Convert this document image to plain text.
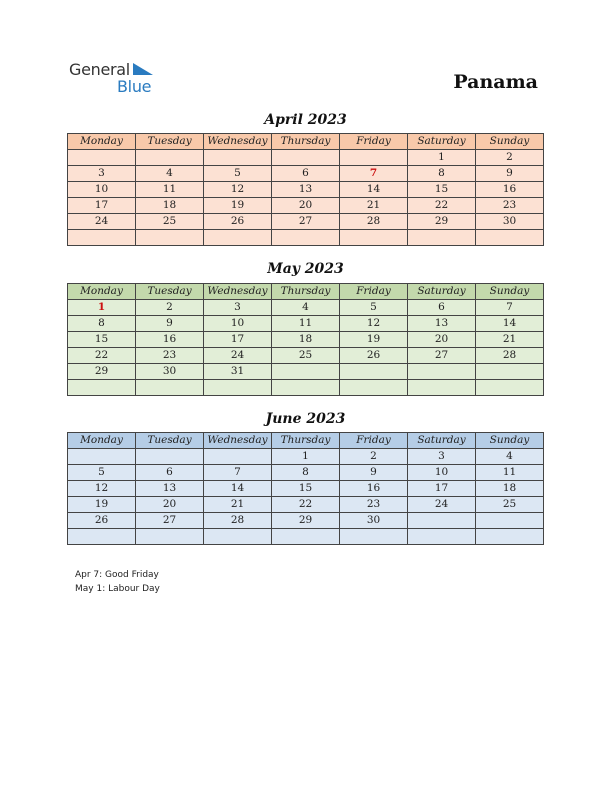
General
Blue	Panama
April 2023
Monday	Tuesday	Wednesday	Thursday	Friday	Saturday	Sunday
					1	2
3	4	5	6	7	8	9
10	11	12	13	14	15	16
17	18	19	20	21	22	23
24	25	26	27	28	29	30

May 2023
Monday	Tuesday	Wednesday	Thursday	Friday	Saturday	Sunday
1	2	3	4	5	6	7
8	9	10	11	12	13	14
15	16	17	18	19	20	21
22	23	24	25	26	27	28
29	30	31				

June 2023
Monday	Tuesday	Wednesday	Thursday	Friday	Saturday	Sunday
			1	2	3	4
5	6	7	8	9	10	11
12	13	14	15	16	17	18
19	20	21	22	23	24	25
26	27	28	29	30		

Apr 7: Good Friday
May 1: Labour Day
